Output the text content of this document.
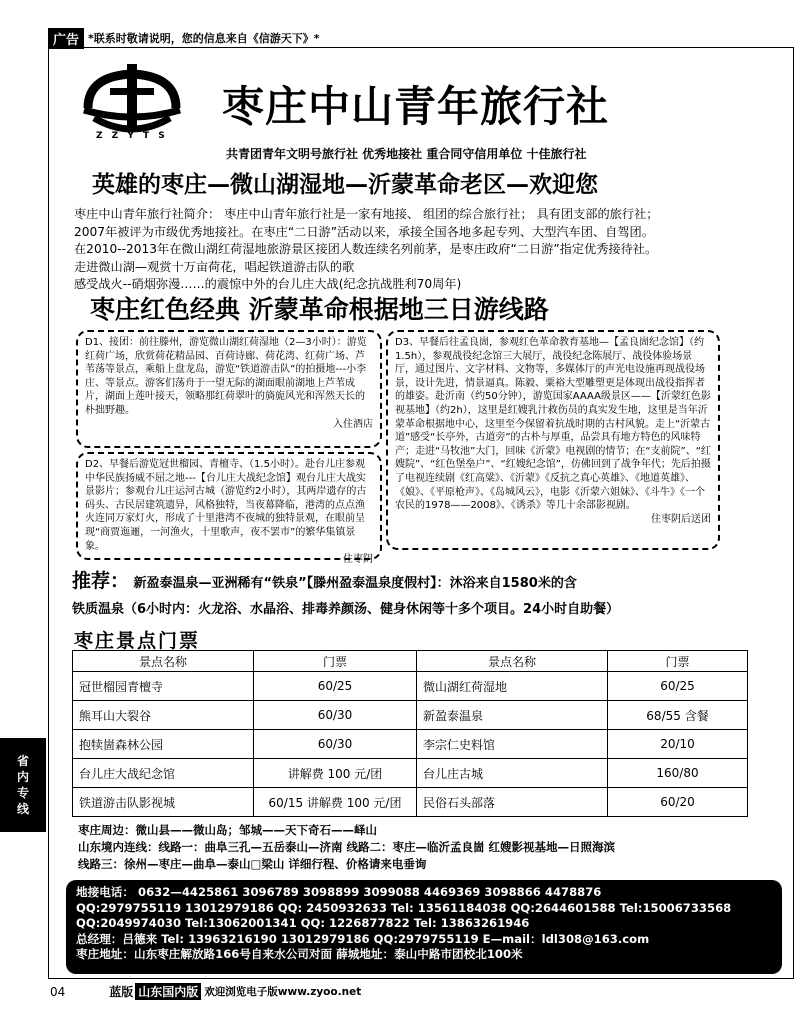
广告 *联系时敬请说明，您的信息来自《信游天下》*
Z Z Y T S
枣庄中山青年旅行社
共青团青年文明号旅行社 优秀地接社 重合同守信用单位 十佳旅行社
英雄的枣庄—微山湖湿地—沂蒙革命老区—欢迎您

枣庄中山青年旅行社简介： 枣庄中山青年旅行社是一家有地接、 组团的综合旅行社； 具有团支部的旅行社；

2007年被评为市级优秀地接社。在枣庄“二日游”活动以来，承接全国各地多起专列、大型汽车团、自驾团。

在2010--2013年在微山湖红荷湿地旅游景区接团人数连续名列前茅，是枣庄政府“二日游”指定优秀接待社。

走进微山湖—观赏十万亩荷花，唱起铁道游击队的歌

感受战火--硝烟弥漫……的震惊中外的台儿庄大战(纪念抗战胜利70周年)

枣庄红色经典 沂蒙革命根据地三日游线路
D1、接团：前往滕州，游览微山湖红荷湿地（2—3小时）：游览红荷广场，欣赏荷花精品园、百荷诗廊、荷花湾、红荷广场、芦苇荡等景点，乘船上盘龙岛，游览“铁道游击队”的拍摄地---小李庄、等景点。游客们荡舟于一望无际的湖面眼前湖地上芦苇成片，湖面上莲叶接天，领略那红荷翠叶的旖旎风光和浑然天长的朴拙野趣。
入住酒店
D2、早餐后游览冠世榴园、青檀寺、（1.5小时）。赴台儿庄参观中华民族扬威不屈之地---【台儿庄大战纪念馆】观台儿庄大战实景影片；参观台儿庄运河古城（游览约2小时），其两岸遗存的古码头、古民居建筑遗异，风格独特，当夜幕降临，港湾的点点渔火连同万家灯火，形成了十里港湾不夜城的独特景观，在眼前呈现“商贾迤逦，一河渔火，十里歌声，夜不罢市”的繁华集镇景象。
住枣阴
D3、早餐后往孟良崮，参观红色革命教育基地—【孟良崮纪念馆】（约1.5h），参观战役纪念馆三大展厅，战役纪念陈展厅、战役体验场景厅，通过图片、文字材料、文物等，多媒体厅的声光电设施再现战役场景，设计先进，情景逼真。陈毅、粟裕大型雕塑更是体现出战役指挥者的雄姿。赴沂南（约50分钟），游览国家AAAA级景区——【沂蒙红色影视基地】（约2h），这里是红嫂乳汁救伤员的真实发生地，这里是当年沂蒙革命根据地中心，这里至今保留着抗战时期的古村风貌。走上“沂蒙古道”感受“长亭外，古道旁”的古朴与厚重，品尝具有地方特色的风味特产；走进“马牧池”大门，回味《沂蒙》电视剧的情节；在“支前院”、“红嫂院”、“红色堡垒户”、“红嫂纪念馆”，仿佛回到了战争年代；先后拍摄了电视连续剧《红高粱》、《沂蒙》《反抗之真心英雄》、《地道英雄》、《娘》、《平原枪声》、《岛城风云》，电影《沂蒙六姐妹》、《斗牛》《一个农民的1978——2008》、《诱杀》等几十余部影视剧。
住枣阴后送团
推荐： 新盈泰温泉—亚洲稀有“铁泉”【滕州盈泰温泉度假村】：沐浴来自1580米的含
铁质温泉（6小时内：火龙浴、水晶浴、排毒养颜汤、健身休闲等十多个项目。24小时自助餐）
枣庄景点门票
景点名称	门票	景点名称	门票
冠世榴园青檀寺	60/25	微山湖红荷湿地	60/25
熊耳山大裂谷	60/30	新盈泰温泉	68/55 含餐
抱犊崮森林公园	60/30	李宗仁史料馆	20/10
台儿庄大战纪念馆	讲解费 100 元/团	台儿庄古城	160/80
铁道游击队影视城	60/15 讲解费 100 元/团	民俗石头部落	60/20

枣庄周边：微山县——微山岛；邹城——天下奇石——峄山

山东境内连线：线路一：曲阜三孔—五岳泰山—济南 线路二：枣庄—临沂孟良崮 红嫂影视基地—日照海滨

线路三：徐州—枣庄—曲阜—泰山□梁山 详细行程、价格请来电垂询

地接电话： 0632—4425861 3096789 3098899 3099088 4469369 3098866 4478876

QQ:2979755119 13012979186 QQ: 2450932633 Tel: 13561184038 QQ:2644601588 Tel:15006733568

QQ:2049974030 Tel:13062001341 QQ: 1226877822 Tel: 13863261946

总经理：吕德来 Tel: 13963216190 13012979186 QQ:2979755119 E—mail：ldl308@163.com

枣庄地址：山东枣庄解放路166号自来水公司对面 薛城地址：泰山中路市团校北100米

省
内
专
线
04	蓝版 山东国内版 欢迎浏览电子版www.zyoo.net
